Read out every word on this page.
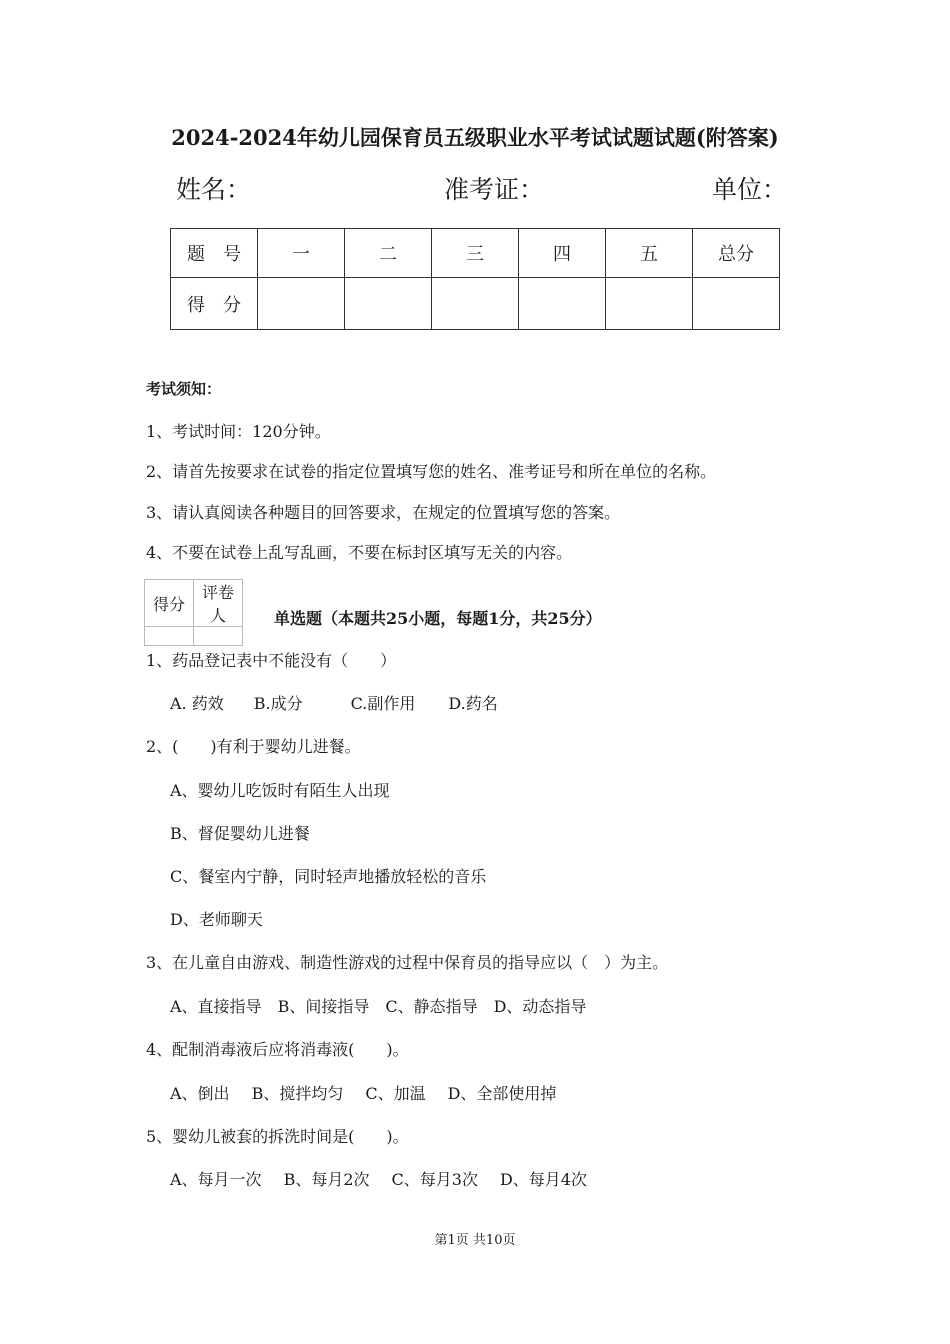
2024-2024年幼儿园保育员五级职业水平考试试题试题(附答案)
姓名：	准考证：	单位：
题　号	一	二	三	四	五	总分
得　分						
考试须知：
1、考试时间：120分钟。
2、请首先按要求在试卷的指定位置填写您的姓名、准考证号和所在单位的名称。
3、请认真阅读各种题目的回答要求，在规定的位置填写您的答案。
4、不要在试卷上乱写乱画，不要在标封区填写无关的内容。
得分	评卷人
		单选题（本题共25小题，每题1分，共25分）
1、药品登记表中不能没有（　　）
A. 药效 B.成分	C.副作用 D.药名
2、(　　)有利于婴幼儿进餐。
A、婴幼儿吃饭时有陌生人出现
B、督促婴幼儿进餐
C、餐室内宁静，同时轻声地播放轻松的音乐
D、老师聊天
3、在儿童自由游戏、制造性游戏的过程中保育员的指导应以（　）为主。
A、直接指导 B、间接指导 C、静态指导 D、动态指导
4、配制消毒液后应将消毒液(　　)。
A、倒出 B、搅拌均匀 C、加温 D、全部使用掉
5、婴幼儿被套的拆洗时间是(　　)。
A、每月一次 B、每月2次 C、每月3次 D、每月4次
第1页 共10页
